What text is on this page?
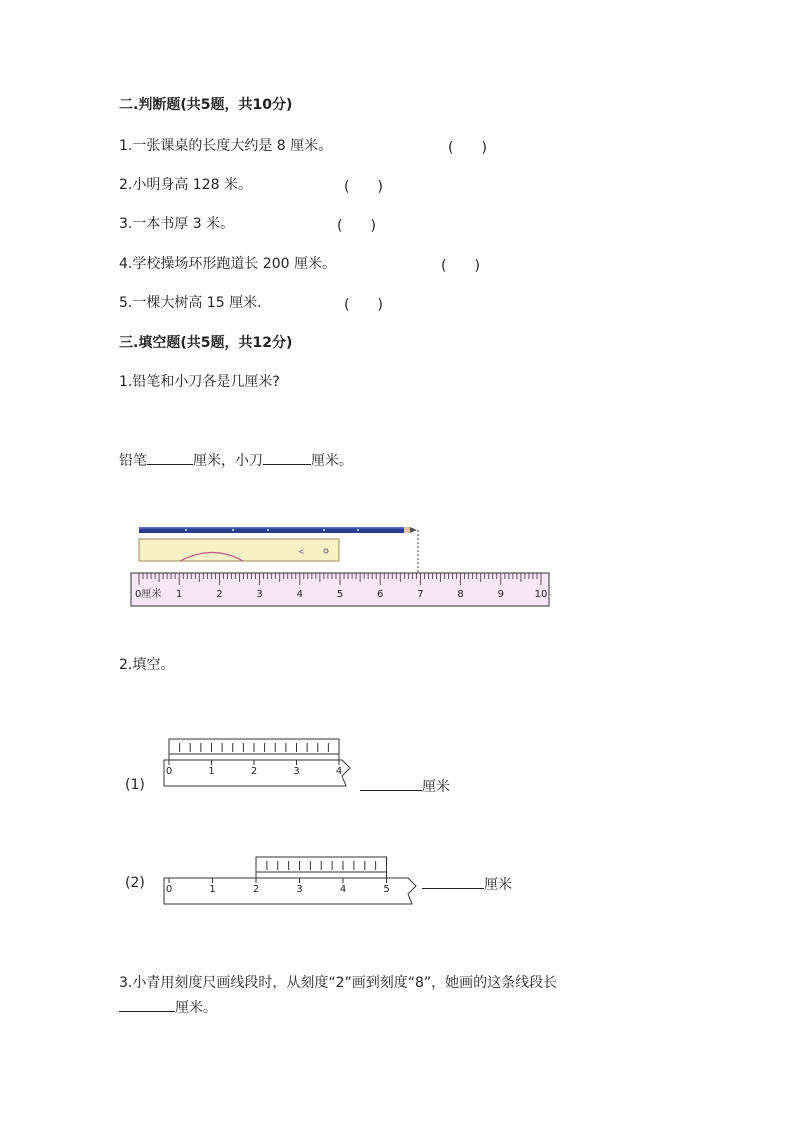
二.判断题(共5题，共10分)
1.一张课桌的长度大约是 8 厘米。	(　　)
2.小明身高 128 米。	(　　)
3.一本书厚 3 米。	(　　)
4.学校操场环形跑道长 200 厘米。	(　　)
5.一棵大树高 15 厘米.	(　　)
三.填空题(共5题，共12分)
1.铅笔和小刀各是几厘米?
铅笔	厘米，小刀	厘米。
<
0厘米 1	2	3	4	5	6	7	8	9	10
2.填空。
(1)
0	1	2	3	4
厘米
(2) 0	1	2	3	4	5	厘米
3.小青用刻度尺画线段时，从刻度“2”画到刻度“8”，她画的这条线段长
厘米。
